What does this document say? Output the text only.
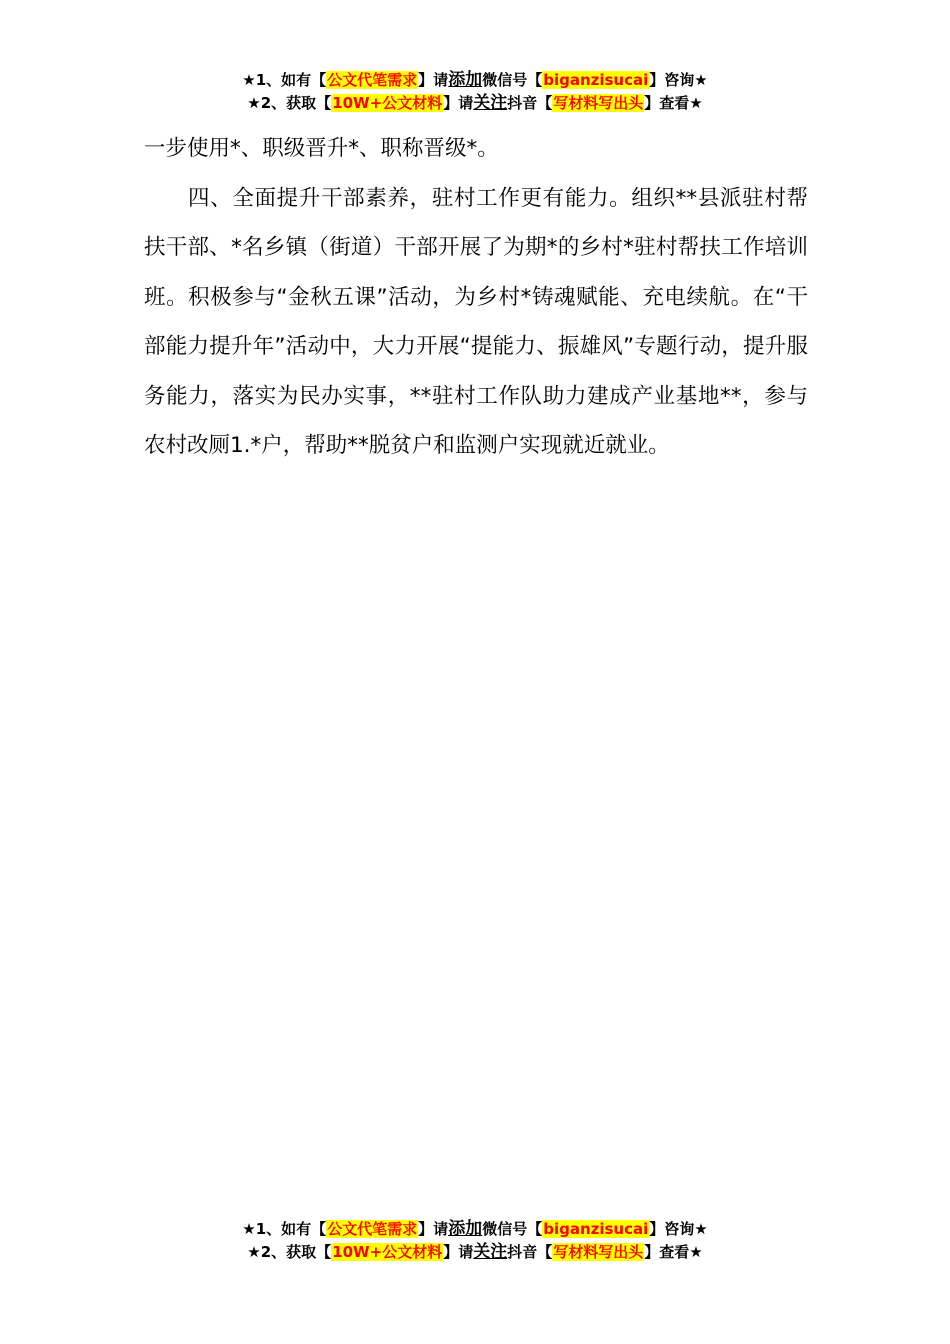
★1、如有【公文代笔需求】请添加微信号【biganzisucai】咨询★
★2、获取【10W+公文材料】请关注抖音【写材料写出头】查看★

一步使用*、职级晋升*、职称晋级*。

四、全面提升干部素养，驻村工作更有能力。组织**县派驻村帮扶干部、*名乡镇（街道）干部开展了为期*的乡村*驻村帮扶工作培训班。积极参与“金秋五课”活动，为乡村*铸魂赋能、充电续航。在“干部能力提升年”活动中，大力开展“提能力、振雄风”专题行动，提升服务能力，落实为民办实事，**驻村工作队助力建成产业基地**，参与农村改厕1.*户，帮助**脱贫户和监测户实现就近就业。

★1、如有【公文代笔需求】请添加微信号【biganzisucai】咨询★
★2、获取【10W+公文材料】请关注抖音【写材料写出头】查看★
